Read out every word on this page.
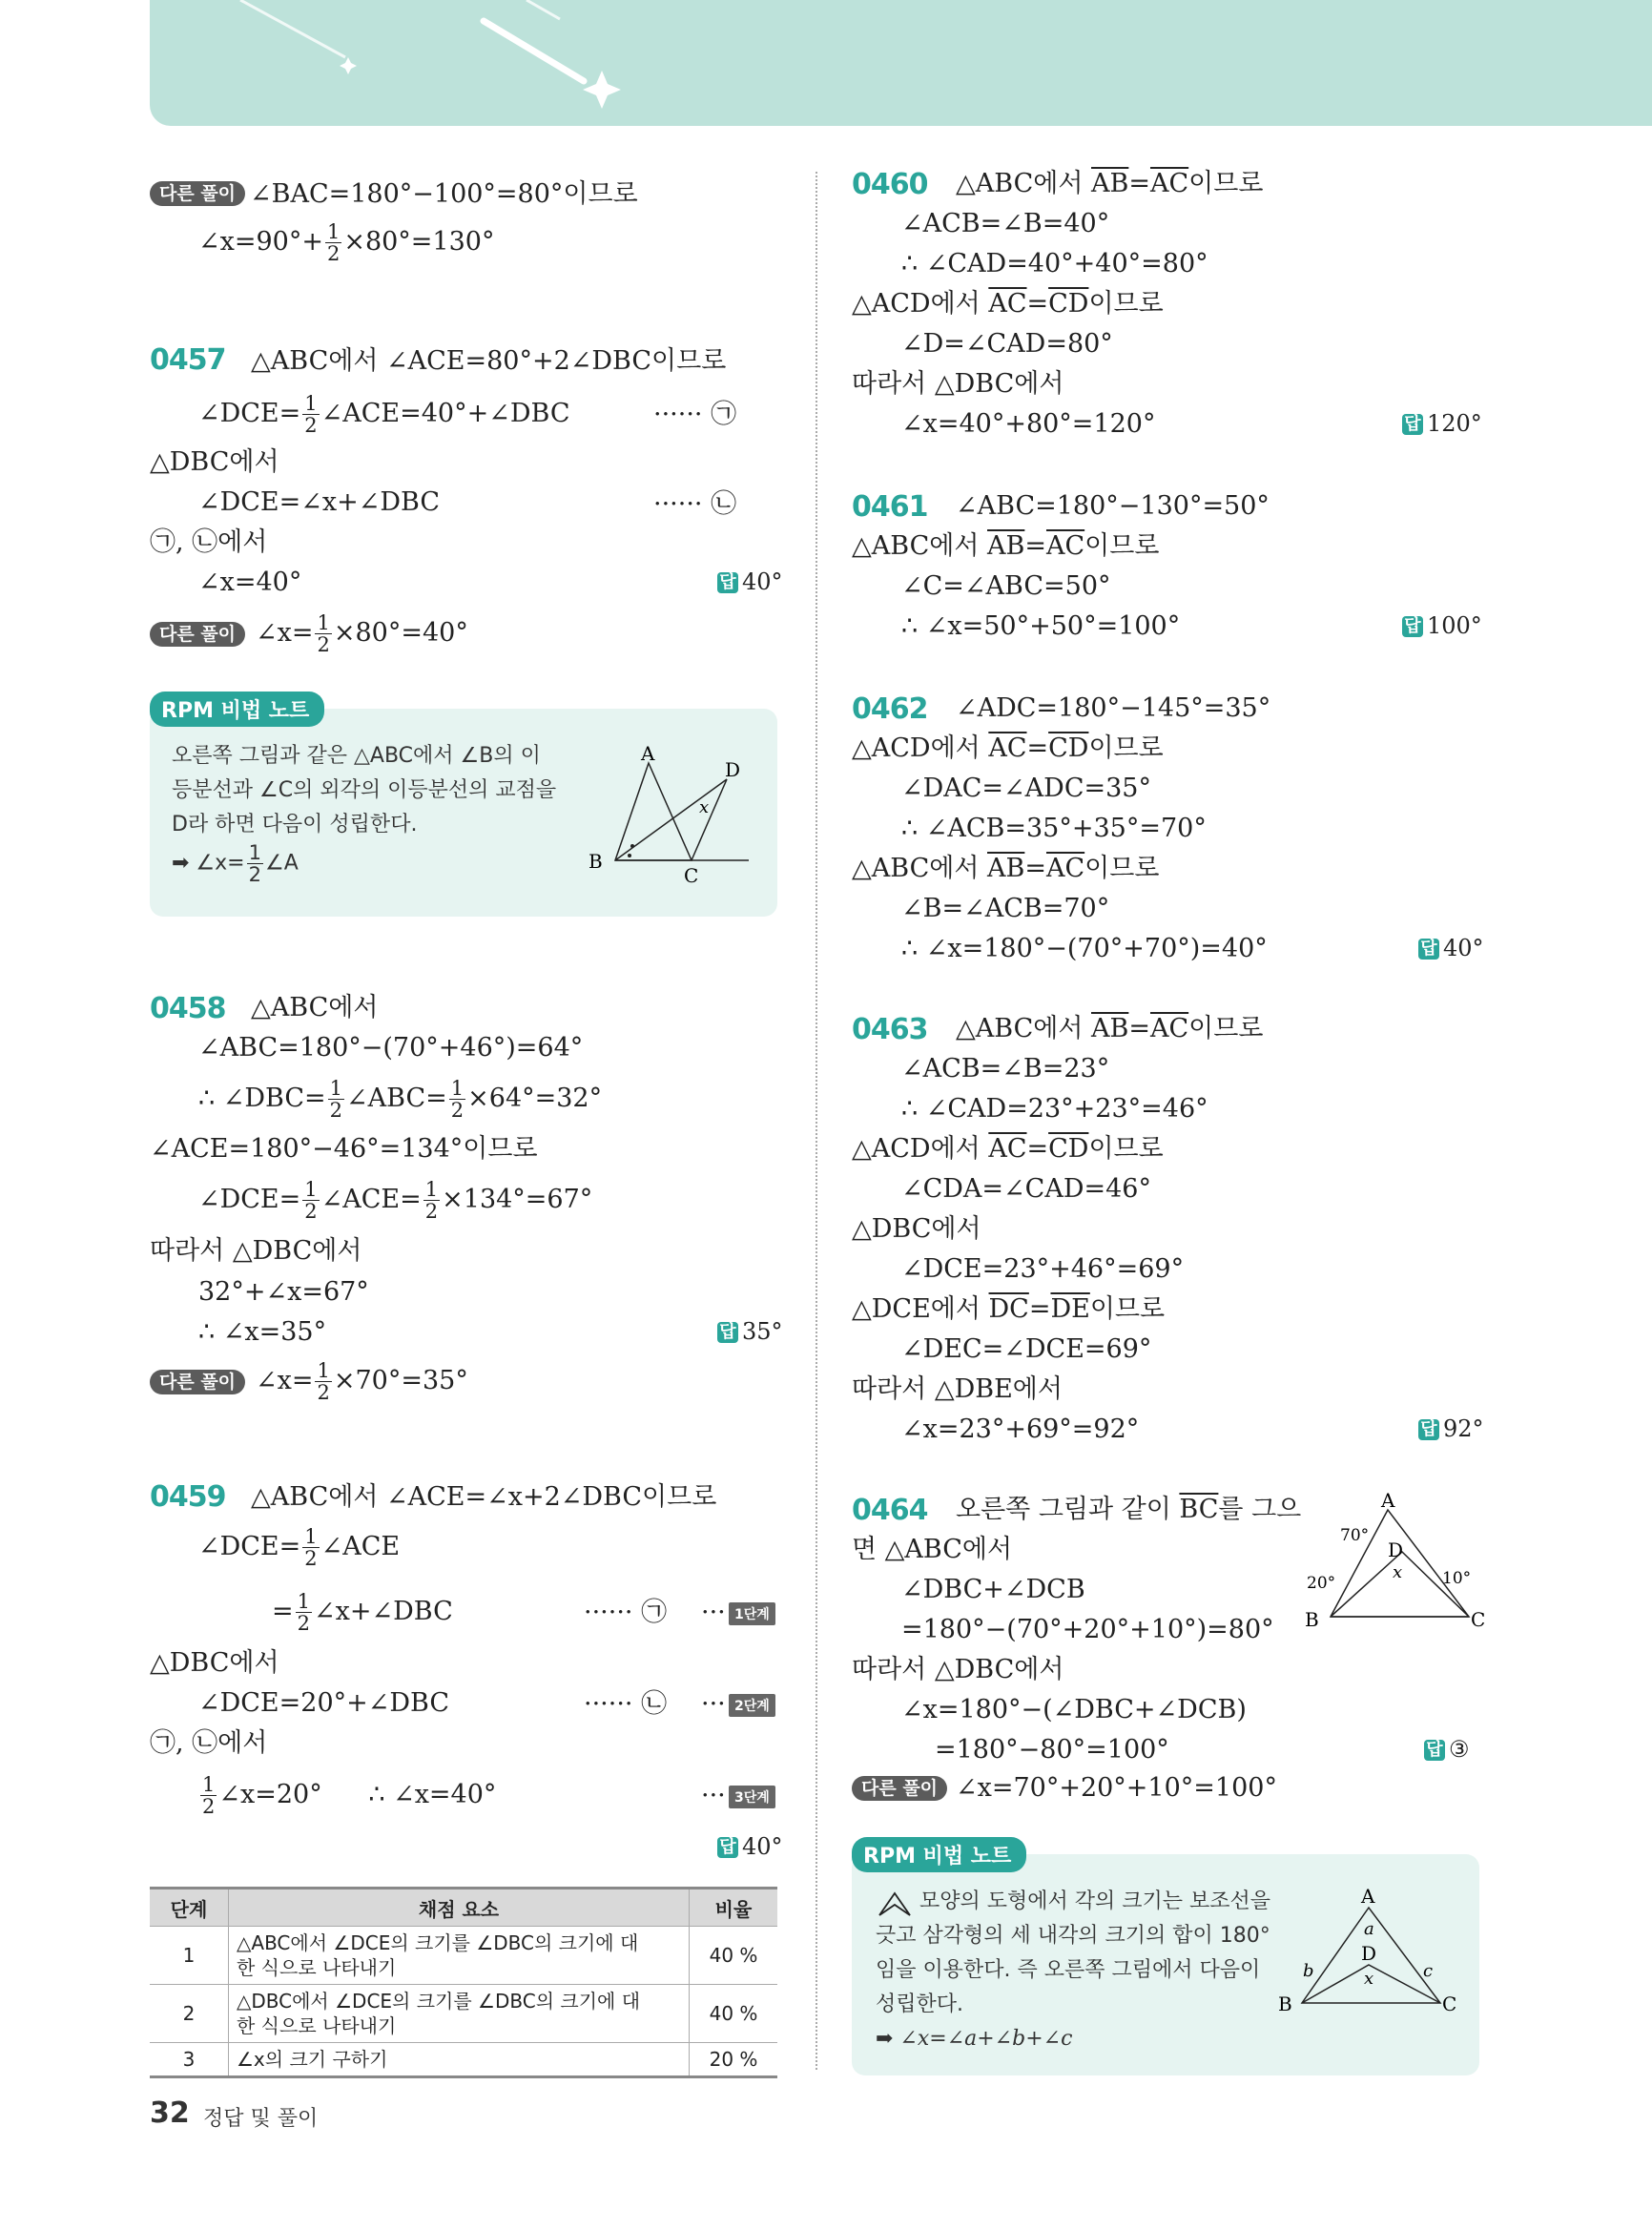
다른 풀이 ∠BAC=180°−100°=80°이므로
∠x=90°+ $\frac{1}{2} \times 80^\circ=130^\circ$
0457 △ABC에서 ∠ACE=80°+2∠DBC이므로
∠DCE= $\frac{1}{2}$ ∠ACE=40°+∠DBC	······ ㉠
△DBC에서
∠DCE=∠x+∠DBC	······ ㉡
㉠, ㉡에서
∠x=40°	답 40°
다른 풀이 ∠x= $\frac{1}{2} \times 80^\circ=40^\circ$
RPM 비법 노트
오른쪽 그림과 같은 △ABC에서 ∠B의 이
등분선과 ∠C의 외각의 이등분선의 교점을
D라 하면 다음이 성립한다.
➡ ∠x= $\frac{1}{2}$ ∠A
A
B
C
D
x
0458 △ABC에서
∠ABC=180°−(70°+46°)=64°
∴ ∠DBC= $\frac{1}{2}$ ∠ABC= $\frac{1}{2} \times 64^\circ=32^\circ$
∠ACE=180°−46°=134°이므로
∠DCE= $\frac{1}{2}$ ∠ACE= $\frac{1}{2} \times 134^\circ=67^\circ$
따라서 △DBC에서
32°+∠x=67°
∴ ∠x=35°	답 35°
다른 풀이 ∠x= $\frac{1}{2} \times 70^\circ=35^\circ$
0459 △ABC에서 ∠ACE=∠x+2∠DBC이므로
∠DCE= $\frac{1}{2}$ ∠ACE
= $\frac{1}{2}$ ∠x+∠DBC	······ ㉠ ··· 1단계
△DBC에서
∠DCE=20°+∠DBC	······ ㉡ ··· 2단계
㉠, ㉡에서
$\frac{1}{2}$ ∠x=20° ∴ ∠x=40°	··· 3단계
답 40°
단계	채점 요소	비율
1	△ABC에서 ∠DCE의 크기를 ∠DBC의 크기에 대
한 식으로 나타내기	40 %
2	△DBC에서 ∠DCE의 크기를 ∠DBC의 크기에 대
한 식으로 나타내기	40 %
3	∠x의 크기 구하기	20 %
32 정답 및 풀이
0460 △ABC에서 $\overline{AB}=\overline{AC}$이므로
∠ACB=∠B=40°
∴ ∠CAD=40°+40°=80°
△ACD에서 $\overline{AC}=\overline{CD}$이므로
∠D=∠CAD=80°
따라서 △DBC에서
∠x=40°+80°=120°	답 120°
0461 ∠ABC=180°−130°=50°
△ABC에서 $\overline{AB}=\overline{AC}$이므로
∠C=∠ABC=50°
∴ ∠x=50°+50°=100°	답 100°
0462 ∠ADC=180°−145°=35°
△ACD에서 $\overline{AC}=\overline{CD}$이므로
∠DAC=∠ADC=35°
∴ ∠ACB=35°+35°=70°
△ABC에서 $\overline{AB}=\overline{AC}$이므로
∠B=∠ACB=70°
∴ ∠x=180°−(70°+70°)=40°	답 40°
0463 △ABC에서 $\overline{AB}=\overline{AC}$이므로
∠ACB=∠B=23°
∴ ∠CAD=23°+23°=46°
△ACD에서 $\overline{AC}=\overline{CD}$이므로
∠CDA=∠CAD=46°
△DBC에서
∠DCE=23°+46°=69°
△DCE에서 $\overline{DC}=\overline{DE}$이므로
∠DEC=∠DCE=69°
따라서 △DBE에서
∠x=23°+69°=92°	답 92°
0464 오른쪽 그림과 같이 $\overline{BC}$를 그으
면 △ABC에서
∠DBC+∠DCB
=180°−(70°+20°+10°)=80°
따라서 △DBC에서
∠x=180°−(∠DBC+∠DCB)
=180°−80°=100°	답 ③
다른 풀이 ∠x=70°+20°+10°=100°
A
B	C
D
x
70°
20°	10°
RPM 비법 노트
모양의 도형에서 각의 크기는 보조선을
긋고 삼각형의 세 내각의 크기의 합이 180°
임을 이용한다. 즉 오른쪽 그림에서 다음이
성립한다.
➡ ∠x=∠a+∠b+∠c
A
B	C
D
a
b	c
x
